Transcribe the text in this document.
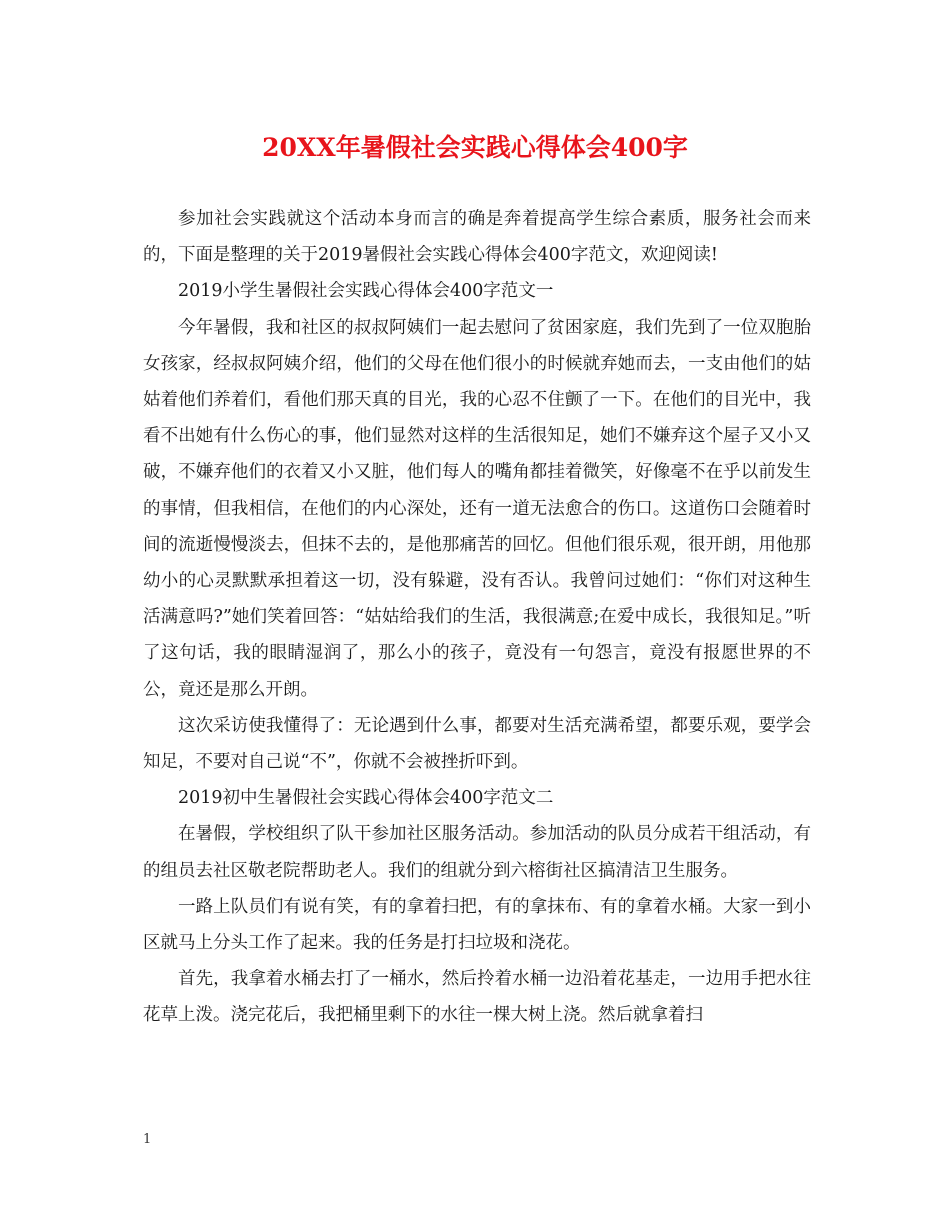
20XX年暑假社会实践心得体会400字

参加社会实践就这个活动本身而言的确是奔着提高学生综合素质，服务社会而来的，下面是整理的关于2019暑假社会实践心得体会400字范文，欢迎阅读!

2019小学生暑假社会实践心得体会400字范文一

今年暑假，我和社区的叔叔阿姨们一起去慰问了贫困家庭，我们先到了一位双胞胎女孩家，经叔叔阿姨介绍，他们的父母在他们很小的时候就弃她而去，一支由他们的姑姑着他们养着们，看他们那天真的目光，我的心忍不住颤了一下。在他们的目光中，我看不出她有什么伤心的事，他们显然对这样的生活很知足，她们不嫌弃这个屋子又小又破，不嫌弃他们的衣着又小又脏，他们每人的嘴角都挂着微笑，好像毫不在乎以前发生的事情，但我相信，在他们的内心深处，还有一道无法愈合的伤口。这道伤口会随着时间的流逝慢慢淡去，但抹不去的，是他那痛苦的回忆。但他们很乐观，很开朗，用他那幼小的心灵默默承担着这一切，没有躲避，没有否认。我曾问过她们：“你们对这种生活满意吗?”她们笑着回答：“姑姑给我们的生活，我很满意;在爱中成长，我很知足。”听了这句话，我的眼睛湿润了，那么小的孩子，竟没有一句怨言，竟没有报愿世界的不公，竟还是那么开朗。

这次采访使我懂得了：无论遇到什么事，都要对生活充满希望，都要乐观，要学会知足，不要对自己说“不”，你就不会被挫折吓到。

2019初中生暑假社会实践心得体会400字范文二

在暑假，学校组织了队干参加社区服务活动。参加活动的队员分成若干组活动，有的组员去社区敬老院帮助老人。我们的组就分到六榕街社区搞清洁卫生服务。

一路上队员们有说有笑，有的拿着扫把，有的拿抹布、有的拿着水桶。大家一到小区就马上分头工作了起来。我的任务是打扫垃圾和浇花。

首先，我拿着水桶去打了一桶水，然后拎着水桶一边沿着花基走，一边用手把水往花草上泼。浇完花后，我把桶里剩下的水往一棵大树上浇。然后就拿着扫

1
